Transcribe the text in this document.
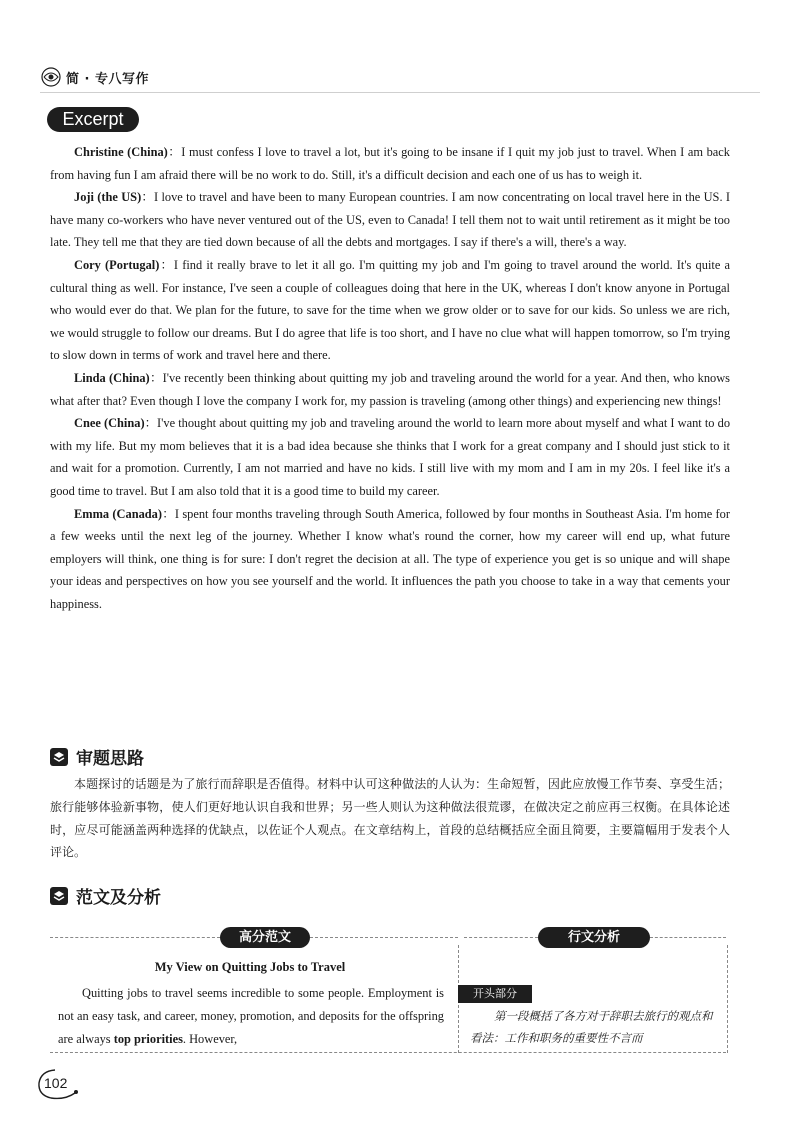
简 · 专八写作
Excerpt

Christine (China)：I must confess I love to travel a lot, but it's going to be insane if I quit my job just to travel. When I am back from having fun I am afraid there will be no work to do. Still, it's a difficult decision and each one of us has to weigh it.

Joji (the US)：I love to travel and have been to many European countries. I am now concentrating on local travel here in the US. I have many co-workers who have never ventured out of the US, even to Canada! I tell them not to wait until retirement as it might be too late. They tell me that they are tied down because of all the debts and mortgages. I say if there's a will, there's a way.

Cory (Portugal)：I find it really brave to let it all go. I'm quitting my job and I'm going to travel around the world. It's quite a cultural thing as well. For instance, I've seen a couple of colleagues doing that here in the UK, whereas I don't know anyone in Portugal who would ever do that. We plan for the future, to save for the time when we grow older or to save for our kids. So unless we are rich, we would struggle to follow our dreams. But I do agree that life is too short, and I have no clue what will happen tomorrow, so I'm trying to slow down in terms of work and travel here and there.

Linda (China)：I've recently been thinking about quitting my job and traveling around the world for a year. And then, who knows what after that? Even though I love the company I work for, my passion is traveling (among other things) and experiencing new things!

Cnee (China)：I've thought about quitting my job and traveling around the world to learn more about myself and what I want to do with my life. But my mom believes that it is a bad idea because she thinks that I work for a great company and I should just stick to it and wait for a promotion. Currently, I am not married and have no kids. I still live with my mom and I am in my 20s. I feel like it's a good time to travel. But I am also told that it is a good time to build my career.

Emma (Canada)：I spent four months traveling through South America, followed by four months in Southeast Asia. I'm home for a few weeks until the next leg of the journey. Whether I know what's round the corner, how my career will end up, what future employers will think, one thing is for sure: I don't regret the decision at all. The type of experience you get is so unique and will shape your ideas and perspectives on how you see yourself and the world. It influences the path you choose to take in a way that cements your happiness.

审题思路

本题探讨的话题是为了旅行而辞职是否值得。材料中认可这种做法的人认为：生命短暂，因此应放慢工作节奏、享受生活；旅行能够体验新事物，使人们更好地认识自我和世界；另一些人则认为这种做法很荒谬，在做决定之前应再三权衡。在具体论述时，应尽可能涵盖两种选择的优缺点，以佐证个人观点。在文章结构上，首段的总结概括应全面且简要，主要篇幅用于发表个人评论。

范文及分析
高分范文	行文分析
My View on Quitting Jobs to Travel

Quitting jobs to travel seems incredible to some people. Employment is not an easy task, and career, money, promotion, and deposits for the offspring are always top priorities. However,

开头部分

第一段概括了各方对于辞职去旅行的观点和看法：工作和职务的重要性不言而

102
